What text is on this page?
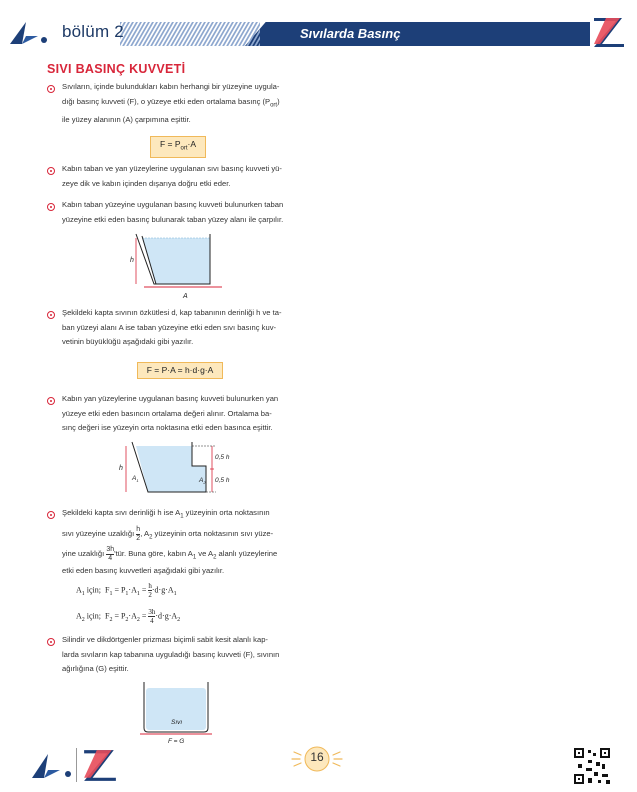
bölüm 2	Sıvılarda Basınç
SIVI BASINÇ KUVVETİ
Sıvıların, içinde bulundukları kabın herhangi bir yüzeyine uygula-
dığı basınç kuvveti (F), o yüzeye etki eden ortalama basınç $(P_{ort})$
ile yüzey alanının (A) çarpımına eşittir.
$F = P_{ort}\cdot A$
Kabın taban ve yan yüzeylerine uygulanan sıvı basınç kuvveti yü-
zeye dik ve kabın içinden dışarıya doğru etki eder.
Kabın taban yüzeyine uygulanan basınç kuvveti bulunurken taban
yüzeyine etki eden basınç bulunarak taban yüzey alanı ile çarpılır.
h
A
Şekildeki kapta sıvının özkütlesi d, kap tabanının derinliği h ve ta-
ban yüzeyi alanı A ise taban yüzeyine etki eden sıvı basınç kuv-
vetinin büyüklüğü aşağıdaki gibi yazılır.
F = P·A = h·d·g·A
Kabın yan yüzeylerine uygulanan basınç kuvveti bulunurken yan
yüzeye etki eden basıncın ortalama değeri alınır. Ortalama ba-
sınç değeri ise yüzeyin orta noktasına etki eden basınca eşittir.
h
$A_1$	$A_2$
0,5 h
0,5 h
Şekildeki kapta sıvı derinliği h ise $A_1$ yüzeyinin orta noktasının
sıvı yüzeyine uzaklığı $\frac{h}{2}$ , $A_2$ yüzeyinin orta noktasının sıvı yüze-
yine uzaklığı $\frac{3h}{4}$ 'tür. Buna göre, kabın $A_1$ ve $A_2$ alanlı yüzeylerine
etki eden basınç kuvvetleri aşağıdaki gibi yazılır.
$A_1$ için; $F_1 = P_1\cdot A_1 = \frac{h}{2} \cdot d\cdot g\cdot A_1$
$A_2$ için; $F_2 = P_2\cdot A_2 = \frac{3h}{4} \cdot d\cdot g\cdot A_2$
Silindir ve dikdörtgenler prizması biçimli sabit kesit alanlı kap-
larda sıvıların kap tabanına uyguladığı basınç kuvveti (F), sıvının
ağırlığına (G) eşittir.
Sıvı
F = G
16
